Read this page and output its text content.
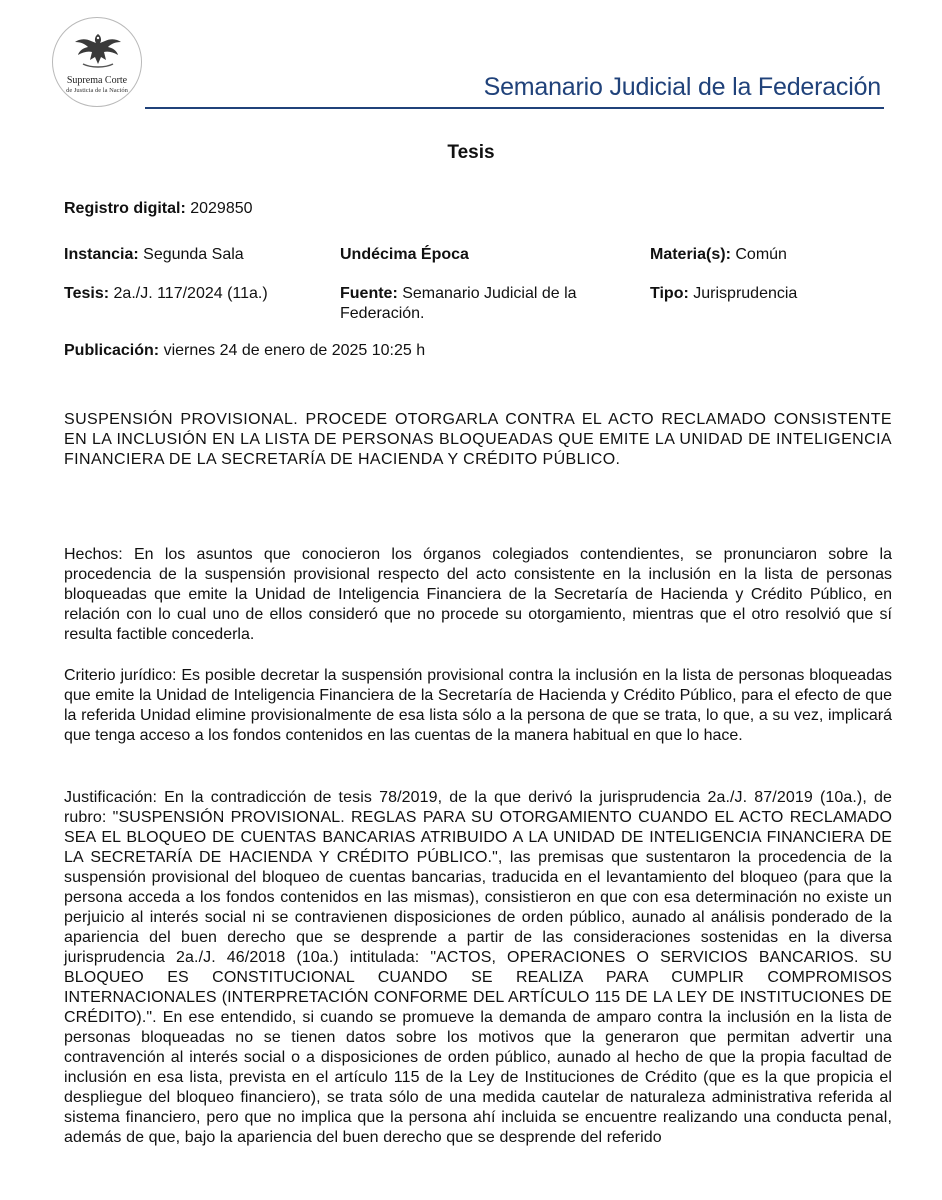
Suprema Corte
de Justicia de la Nación	Semanario Judicial de la Federación
Tesis
Registro digital: 2029850
Instancia: Segunda Sala	Undécima Época	Materia(s): Común
Tesis: 2a./J. 117/2024 (11a.)	Fuente: Semanario Judicial de la Federación.
Tipo: Jurisprudencia
Publicación: viernes 24 de enero de 2025 10:25 h
SUSPENSIÓN PROVISIONAL. PROCEDE OTORGARLA CONTRA EL ACTO RECLAMADO CONSISTENTE EN LA INCLUSIÓN EN LA LISTA DE PERSONAS BLOQUEADAS QUE EMITE LA UNIDAD DE INTELIGENCIA FINANCIERA DE LA SECRETARÍA DE HACIENDA Y CRÉDITO PÚBLICO.
Hechos: En los asuntos que conocieron los órganos colegiados contendientes, se pronunciaron sobre la procedencia de la suspensión provisional respecto del acto consistente en la inclusión en la lista de personas bloqueadas que emite la Unidad de Inteligencia Financiera de la Secretaría de Hacienda y Crédito Público, en relación con lo cual uno de ellos consideró que no procede su otorgamiento, mientras que el otro resolvió que sí resulta factible concederla.
Criterio jurídico: Es posible decretar la suspensión provisional contra la inclusión en la lista de personas bloqueadas que emite la Unidad de Inteligencia Financiera de la Secretaría de Hacienda y Crédito Público, para el efecto de que la referida Unidad elimine provisionalmente de esa lista sólo a la persona de que se trata, lo que, a su vez, implicará que tenga acceso a los fondos contenidos en las cuentas de la manera habitual en que lo hace.
Justificación: En la contradicción de tesis 78/2019, de la que derivó la jurisprudencia 2a./J. 87/2019 (10a.), de rubro: "SUSPENSIÓN PROVISIONAL. REGLAS PARA SU OTORGAMIENTO CUANDO EL ACTO RECLAMADO SEA EL BLOQUEO DE CUENTAS BANCARIAS ATRIBUIDO A LA UNIDAD DE INTELIGENCIA FINANCIERA DE LA SECRETARÍA DE HACIENDA Y CRÉDITO PÚBLICO.", las premisas que sustentaron la procedencia de la suspensión provisional del bloqueo de cuentas bancarias, traducida en el levantamiento del bloqueo (para que la persona acceda a los fondos contenidos en las mismas), consistieron en que con esa determinación no existe un perjuicio al interés social ni se contravienen disposiciones de orden público, aunado al análisis ponderado de la apariencia del buen derecho que se desprende a partir de las consideraciones sostenidas en la diversa jurisprudencia 2a./J. 46/2018 (10a.) intitulada: "ACTOS, OPERACIONES O SERVICIOS BANCARIOS. SU BLOQUEO ES CONSTITUCIONAL CUANDO SE REALIZA PARA CUMPLIR COMPROMISOS INTERNACIONALES (INTERPRETACIÓN CONFORME DEL ARTÍCULO 115 DE LA LEY DE INSTITUCIONES DE CRÉDITO).". En ese entendido, si cuando se promueve la demanda de amparo contra la inclusión en la lista de personas bloqueadas no se tienen datos sobre los motivos que la generaron que permitan advertir una contravención al interés social o a disposiciones de orden público, aunado al hecho de que la propia facultad de inclusión en esa lista, prevista en el artículo 115 de la Ley de Instituciones de Crédito (que es la que propicia el despliegue del bloqueo financiero), se trata sólo de una medida cautelar de naturaleza administrativa referida al sistema financiero, pero que no implica que la persona ahí incluida se encuentre realizando una conducta penal, además de que, bajo la apariencia del buen derecho que se desprende del referido
